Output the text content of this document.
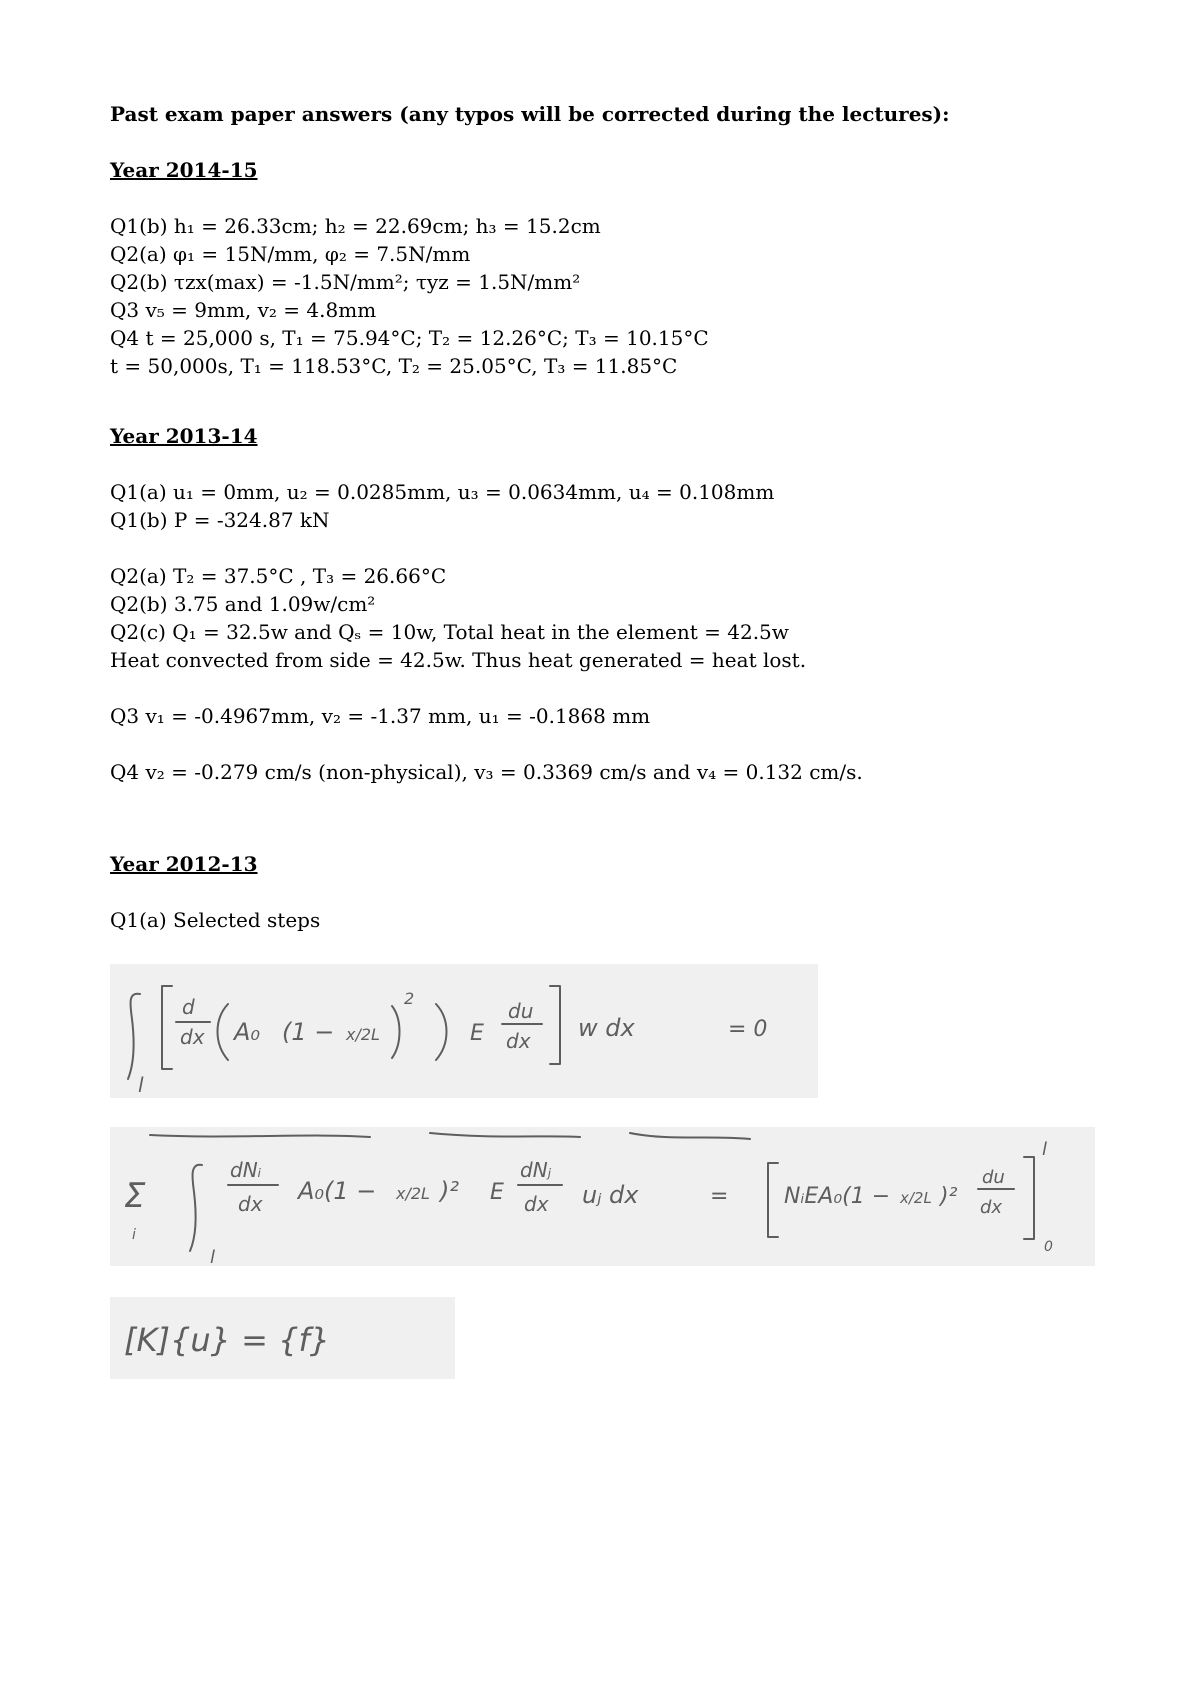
Past exam paper answers (any typos will be corrected during the lectures):
Year 2014-15
Q1(b) h₁ = 26.33cm; h₂ = 22.69cm; h₃ = 15.2cm
Q2(a) φ₁ = 15N/mm, φ₂ = 7.5N/mm
Q2(b) τzx(max) = -1.5N/mm²; τyz = 1.5N/mm²
Q3 v₅ = 9mm, v₂ = 4.8mm
Q4 t = 25,000 s, T₁ = 75.94°C; T₂ = 12.26°C; T₃ = 10.15°C
t = 50,000s, T₁ = 118.53°C, T₂ = 25.05°C, T₃ = 11.85°C
Year 2013-14
Q1(a) u₁ = 0mm, u₂ = 0.0285mm, u₃ = 0.0634mm, u₄ = 0.108mm
Q1(b) P = -324.87 kN
Q2(a) T₂ = 37.5°C , T₃ = 26.66°C
Q2(b) 3.75 and 1.09w/cm²
Q2(c) Q₁ = 32.5w and Qₛ = 10w, Total heat in the element = 42.5w
Heat convected from side = 42.5w. Thus heat generated = heat lost.
Q3 v₁ = -0.4967mm, v₂ = -1.37 mm, u₁ = -0.1868 mm
Q4 v₂ = -0.279 cm/s (non-physical), v₃ = 0.3369 cm/s and v₄ = 0.132 cm/s.
Year 2012-13
Q1(a) Selected steps
d
dx A₀ (1 − x/2L
2
E
du
dx w dx	= 0
l
Σ
i
l
dNᵢ
dx A₀(1 − x/2L )² E
dNⱼ
dx uⱼ dx	=	NᵢEA₀(1 − x/2L )²
du
dx
l
0
[K]{u} = {f}
